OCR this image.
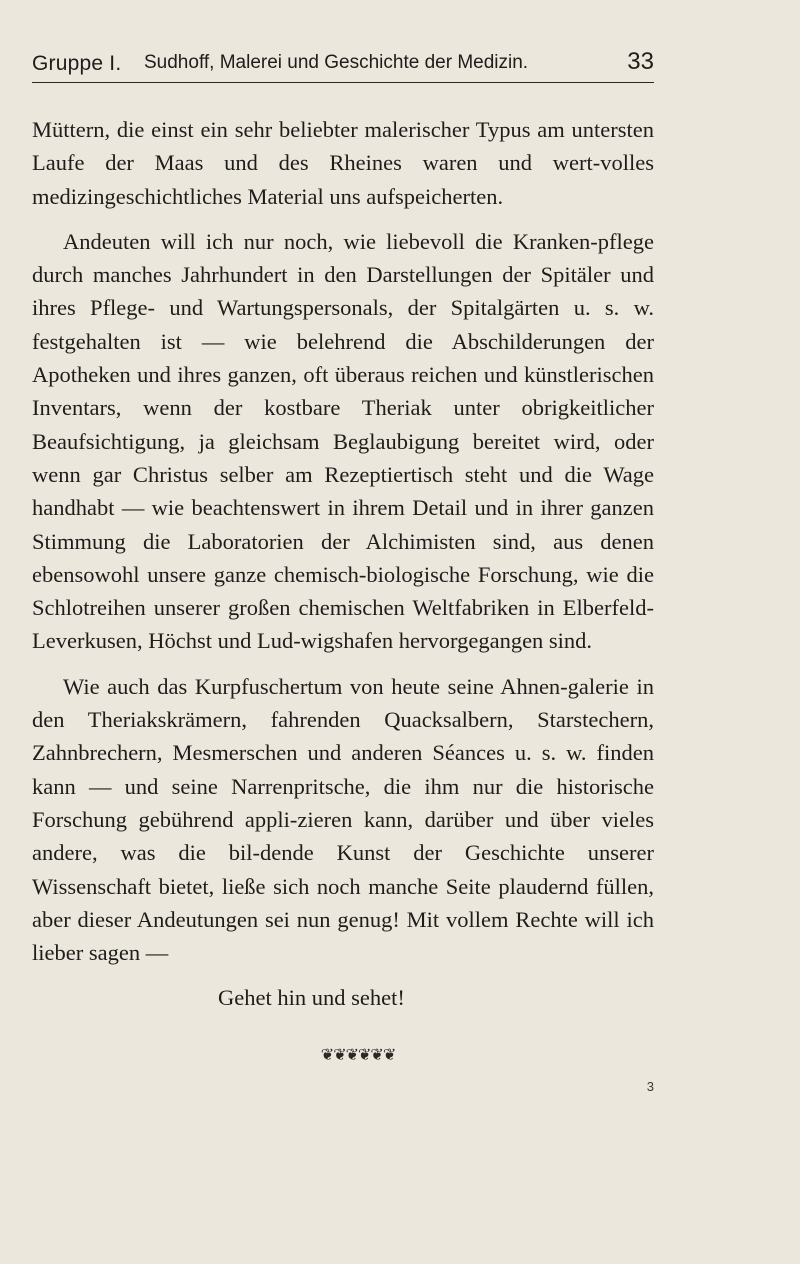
Gruppe I. Sudhoff, Malerei und Geschichte der Medizin.	33

Müttern, die einst ein sehr beliebter malerischer Typus am untersten Laufe der Maas und des Rheines waren und wert-volles medizingeschichtliches Material uns aufspeicherten.

Andeuten will ich nur noch, wie liebevoll die Kranken-pflege durch manches Jahrhundert in den Darstellungen der Spitäler und ihres Pflege- und Wartungspersonals, der Spitalgärten u. s. w. festgehalten ist — wie belehrend die Abschilderungen der Apotheken und ihres ganzen, oft überaus reichen und künstlerischen Inventars, wenn der kostbare Theriak unter obrigkeitlicher Beaufsichtigung, ja gleichsam Beglaubigung bereitet wird, oder wenn gar Christus selber am Rezeptiertisch steht und die Wage handhabt — wie beachtenswert in ihrem Detail und in ihrer ganzen Stimmung die Laboratorien der Alchimisten sind, aus denen ebensowohl unsere ganze chemisch-biologische Forschung, wie die Schlotreihen unserer großen chemischen Weltfabriken in Elberfeld-Leverkusen, Höchst und Lud-wigshafen hervorgegangen sind.

Wie auch das Kurpfuschertum von heute seine Ahnen-galerie in den Theriakskrämern, fahrenden Quacksalbern, Starstechern, Zahnbrechern, Mesmerschen und anderen Séances u. s. w. finden kann — und seine Narrenpritsche, die ihm nur die historische Forschung gebührend appli-zieren kann, darüber und über vieles andere, was die bil-dende Kunst der Geschichte unserer Wissenschaft bietet, ließe sich noch manche Seite plaudernd füllen, aber dieser Andeutungen sei nun genug! Mit vollem Rechte will ich lieber sagen —

Gehet hin und sehet!
❦❦❦❦❦❦
3
